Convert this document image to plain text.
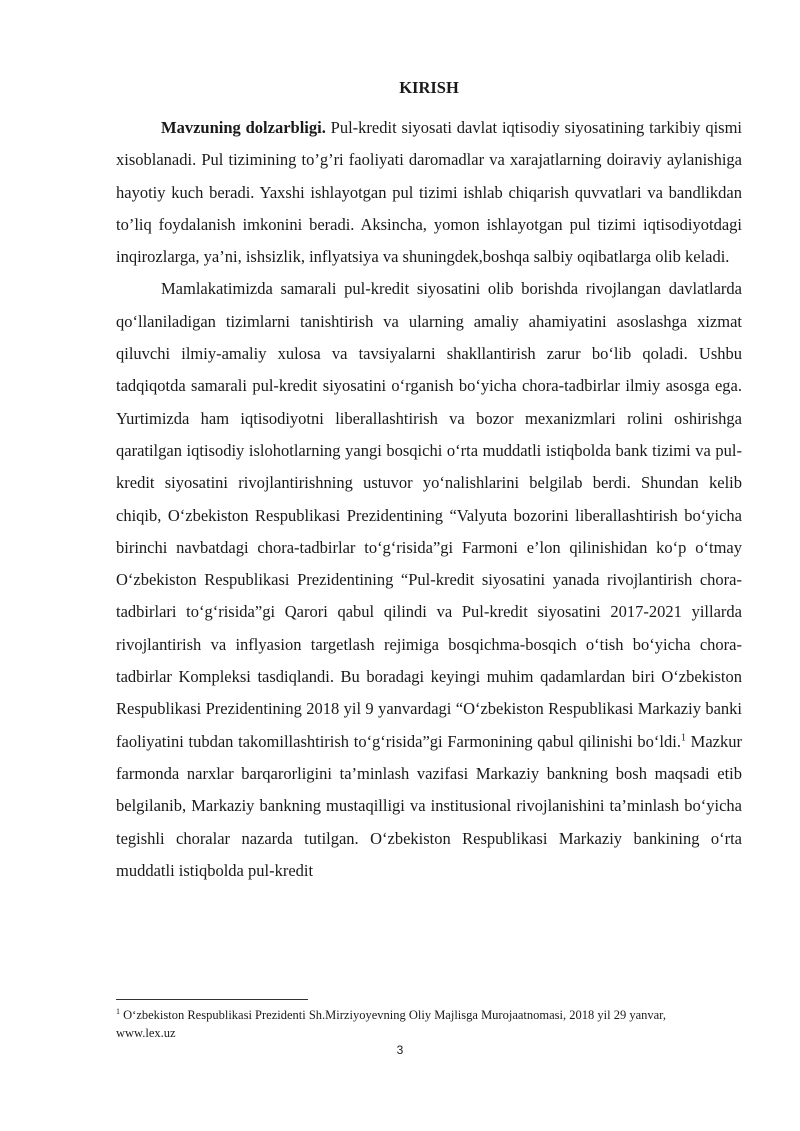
KIRISH

Mavzuning dolzarbligi. Pul-kredit siyosati davlat iqtisodiy siyosatining tarkibiy qismi xisoblanadi. Pul tizimining to’g’ri faoliyati daromadlar va xarajatlarning doiraviy aylanishiga hayotiy kuch beradi. Yaxshi ishlayotgan pul tizimi ishlab chiqarish quvvatlari va bandlikdan to’liq foydalanish imkonini beradi. Aksincha, yomon ishlayotgan pul tizimi iqtisodiyotdagi inqirozlarga, ya’ni, ishsizlik, inflyatsiya va shuningdek,boshqa salbiy oqibatlarga olib keladi.

Mamlakatimizda samarali pul-kredit siyosatini olib borishda rivojlangan davlatlarda qo‘llaniladigan tizimlarni tanishtirish va ularning amaliy ahamiyatini asoslashga xizmat qiluvchi ilmiy-amaliy xulosa va tavsiyalarni shakllantirish zarur bo‘lib qoladi. Ushbu tadqiqotda samarali pul-kredit siyosatini o‘rganish bo‘yicha chora-tadbirlar ilmiy asosga ega. Yurtimizda ham iqtisodiyotni liberallashtirish va bozor mexanizmlari rolini oshirishga qaratilgan iqtisodiy islohotlarning yangi bosqichi o‘rta muddatli istiqbolda bank tizimi va pul-kredit siyosatini rivojlantirishning ustuvor yo‘nalishlarini belgilab berdi. Shundan kelib chiqib, O‘zbekiston Respublikasi Prezidentining “Valyuta bozorini liberallashtirish bo‘yicha birinchi navbatdagi chora-tadbirlar to‘g‘risida”gi Farmoni e’lon qilinishidan ko‘p o‘tmay O‘zbekiston Respublikasi Prezidentining “Pul-kredit siyosatini yanada rivojlantirish chora-tadbirlari to‘g‘risida”gi Qarori qabul qilindi va Pul-kredit siyosatini 2017-2021 yillarda rivojlantirish va inflyasion targetlash rejimiga bosqichma-bosqich o‘tish bo‘yicha chora-tadbirlar Kompleksi tasdiqlandi. Bu boradagi keyingi muhim qadamlardan biri O‘zbekiston Respublikasi Prezidentining 2018 yil 9 yanvardagi “O‘zbekiston Respublikasi Markaziy banki faoliyatini tubdan takomillashtirish to‘g‘risida”gi Farmonining qabul qilinishi bo‘ldi.$^1$ Mazkur farmonda narxlar barqarorligini ta’minlash vazifasi Markaziy bankning bosh maqsadi etib belgilanib, Markaziy bankning mustaqilligi va institusional rivojlanishini ta’minlash bo‘yicha tegishli choralar nazarda tutilgan. O‘zbekiston Respublikasi Markaziy bankining o‘rta muddatli istiqbolda pul-kredit

$^1$ O‘zbekiston Respublikasi Prezidenti Sh.Mirziyoyevning Oliy Majlisga Murojaatnomasi, 2018 yil 29 yanvar, www.lex.uz

3
